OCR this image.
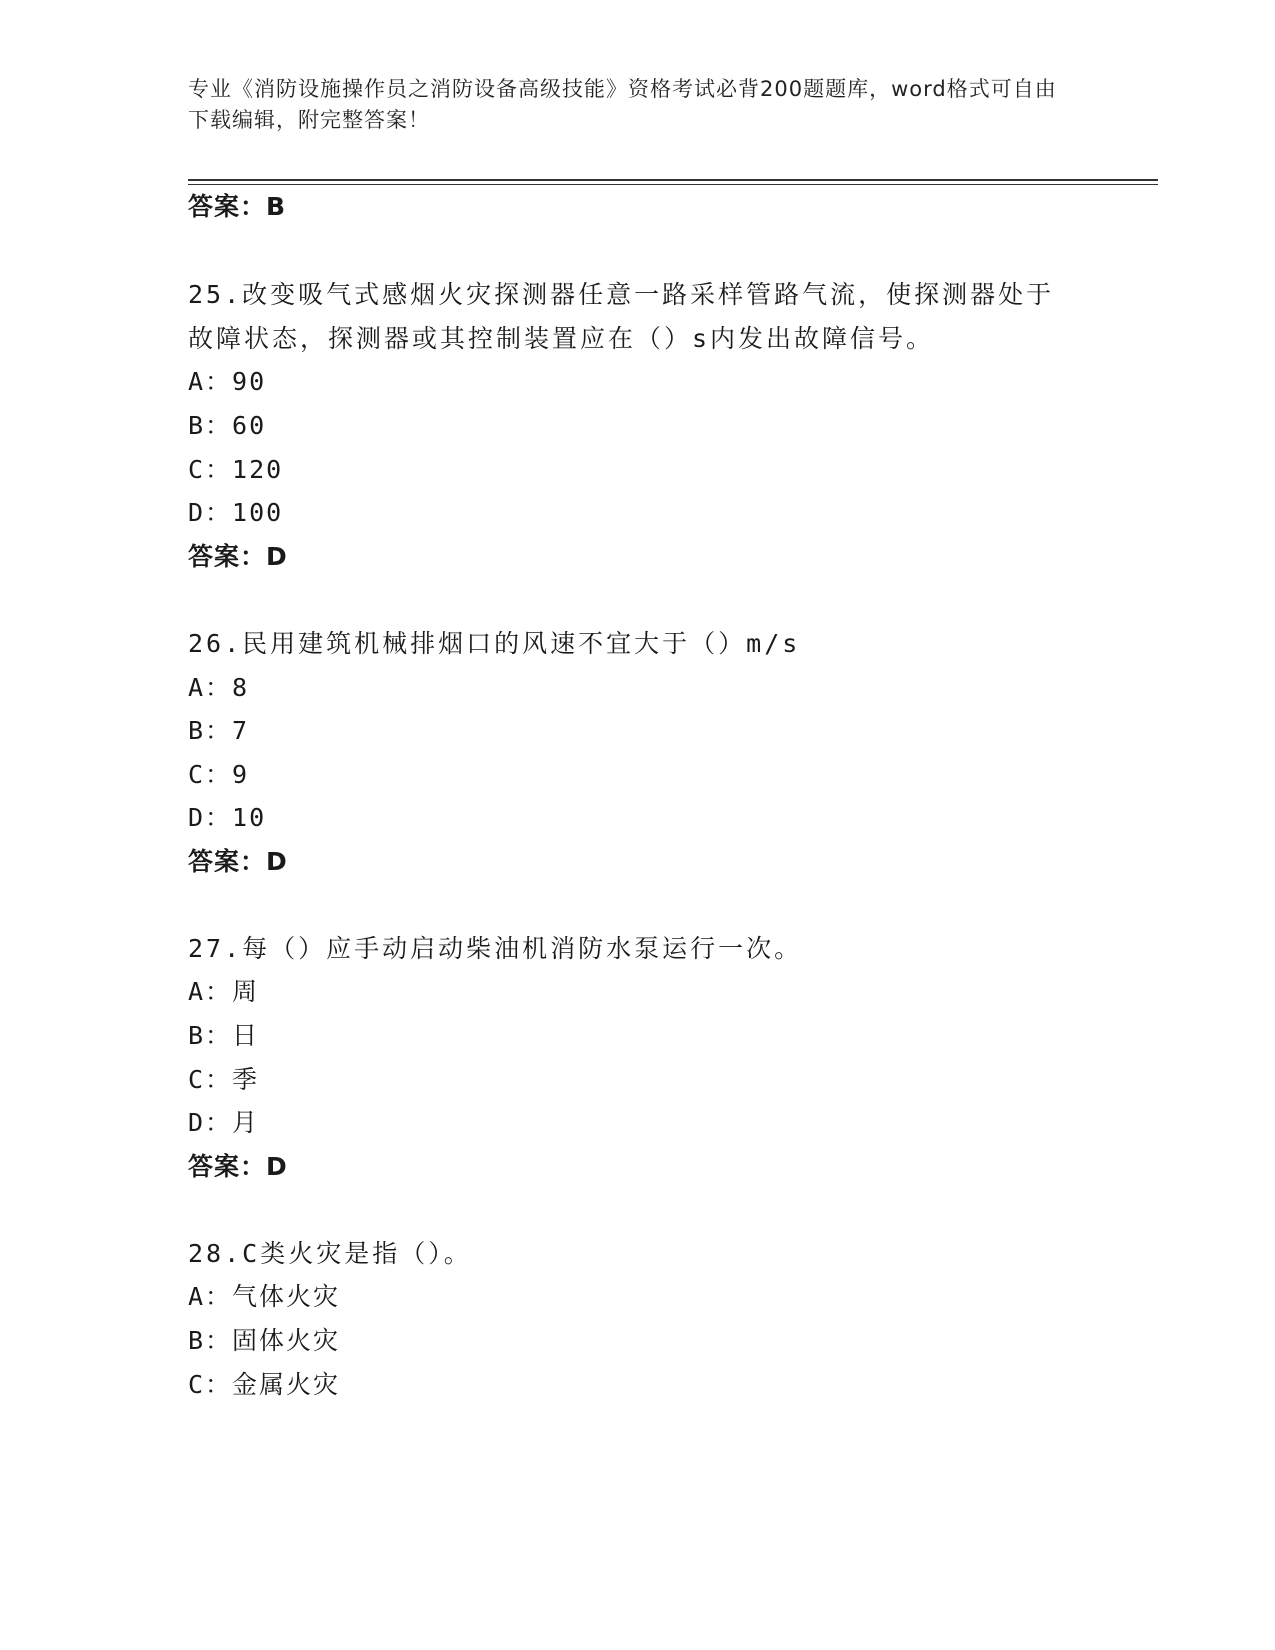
专业《消防设施操作员之消防设备高级技能》资格考试必背200题题库，word格式可自由下载编辑，附完整答案！
答案：B
25.改变吸气式感烟火灾探测器任意一路采样管路气流，使探测器处于
故障状态，探测器或其控制装置应在（）s内发出故障信号。
A：90
B：60
C：120
D：100
答案：D
26.民用建筑机械排烟口的风速不宜大于（）m/s
A：8
B：7
C：9
D：10
答案：D
27.每（）应手动启动柴油机消防水泵运行一次。
A：周
B：日
C：季
D：月
答案：D
28.C类火灾是指（）。
A：气体火灾
B：固体火灾
C：金属火灾
